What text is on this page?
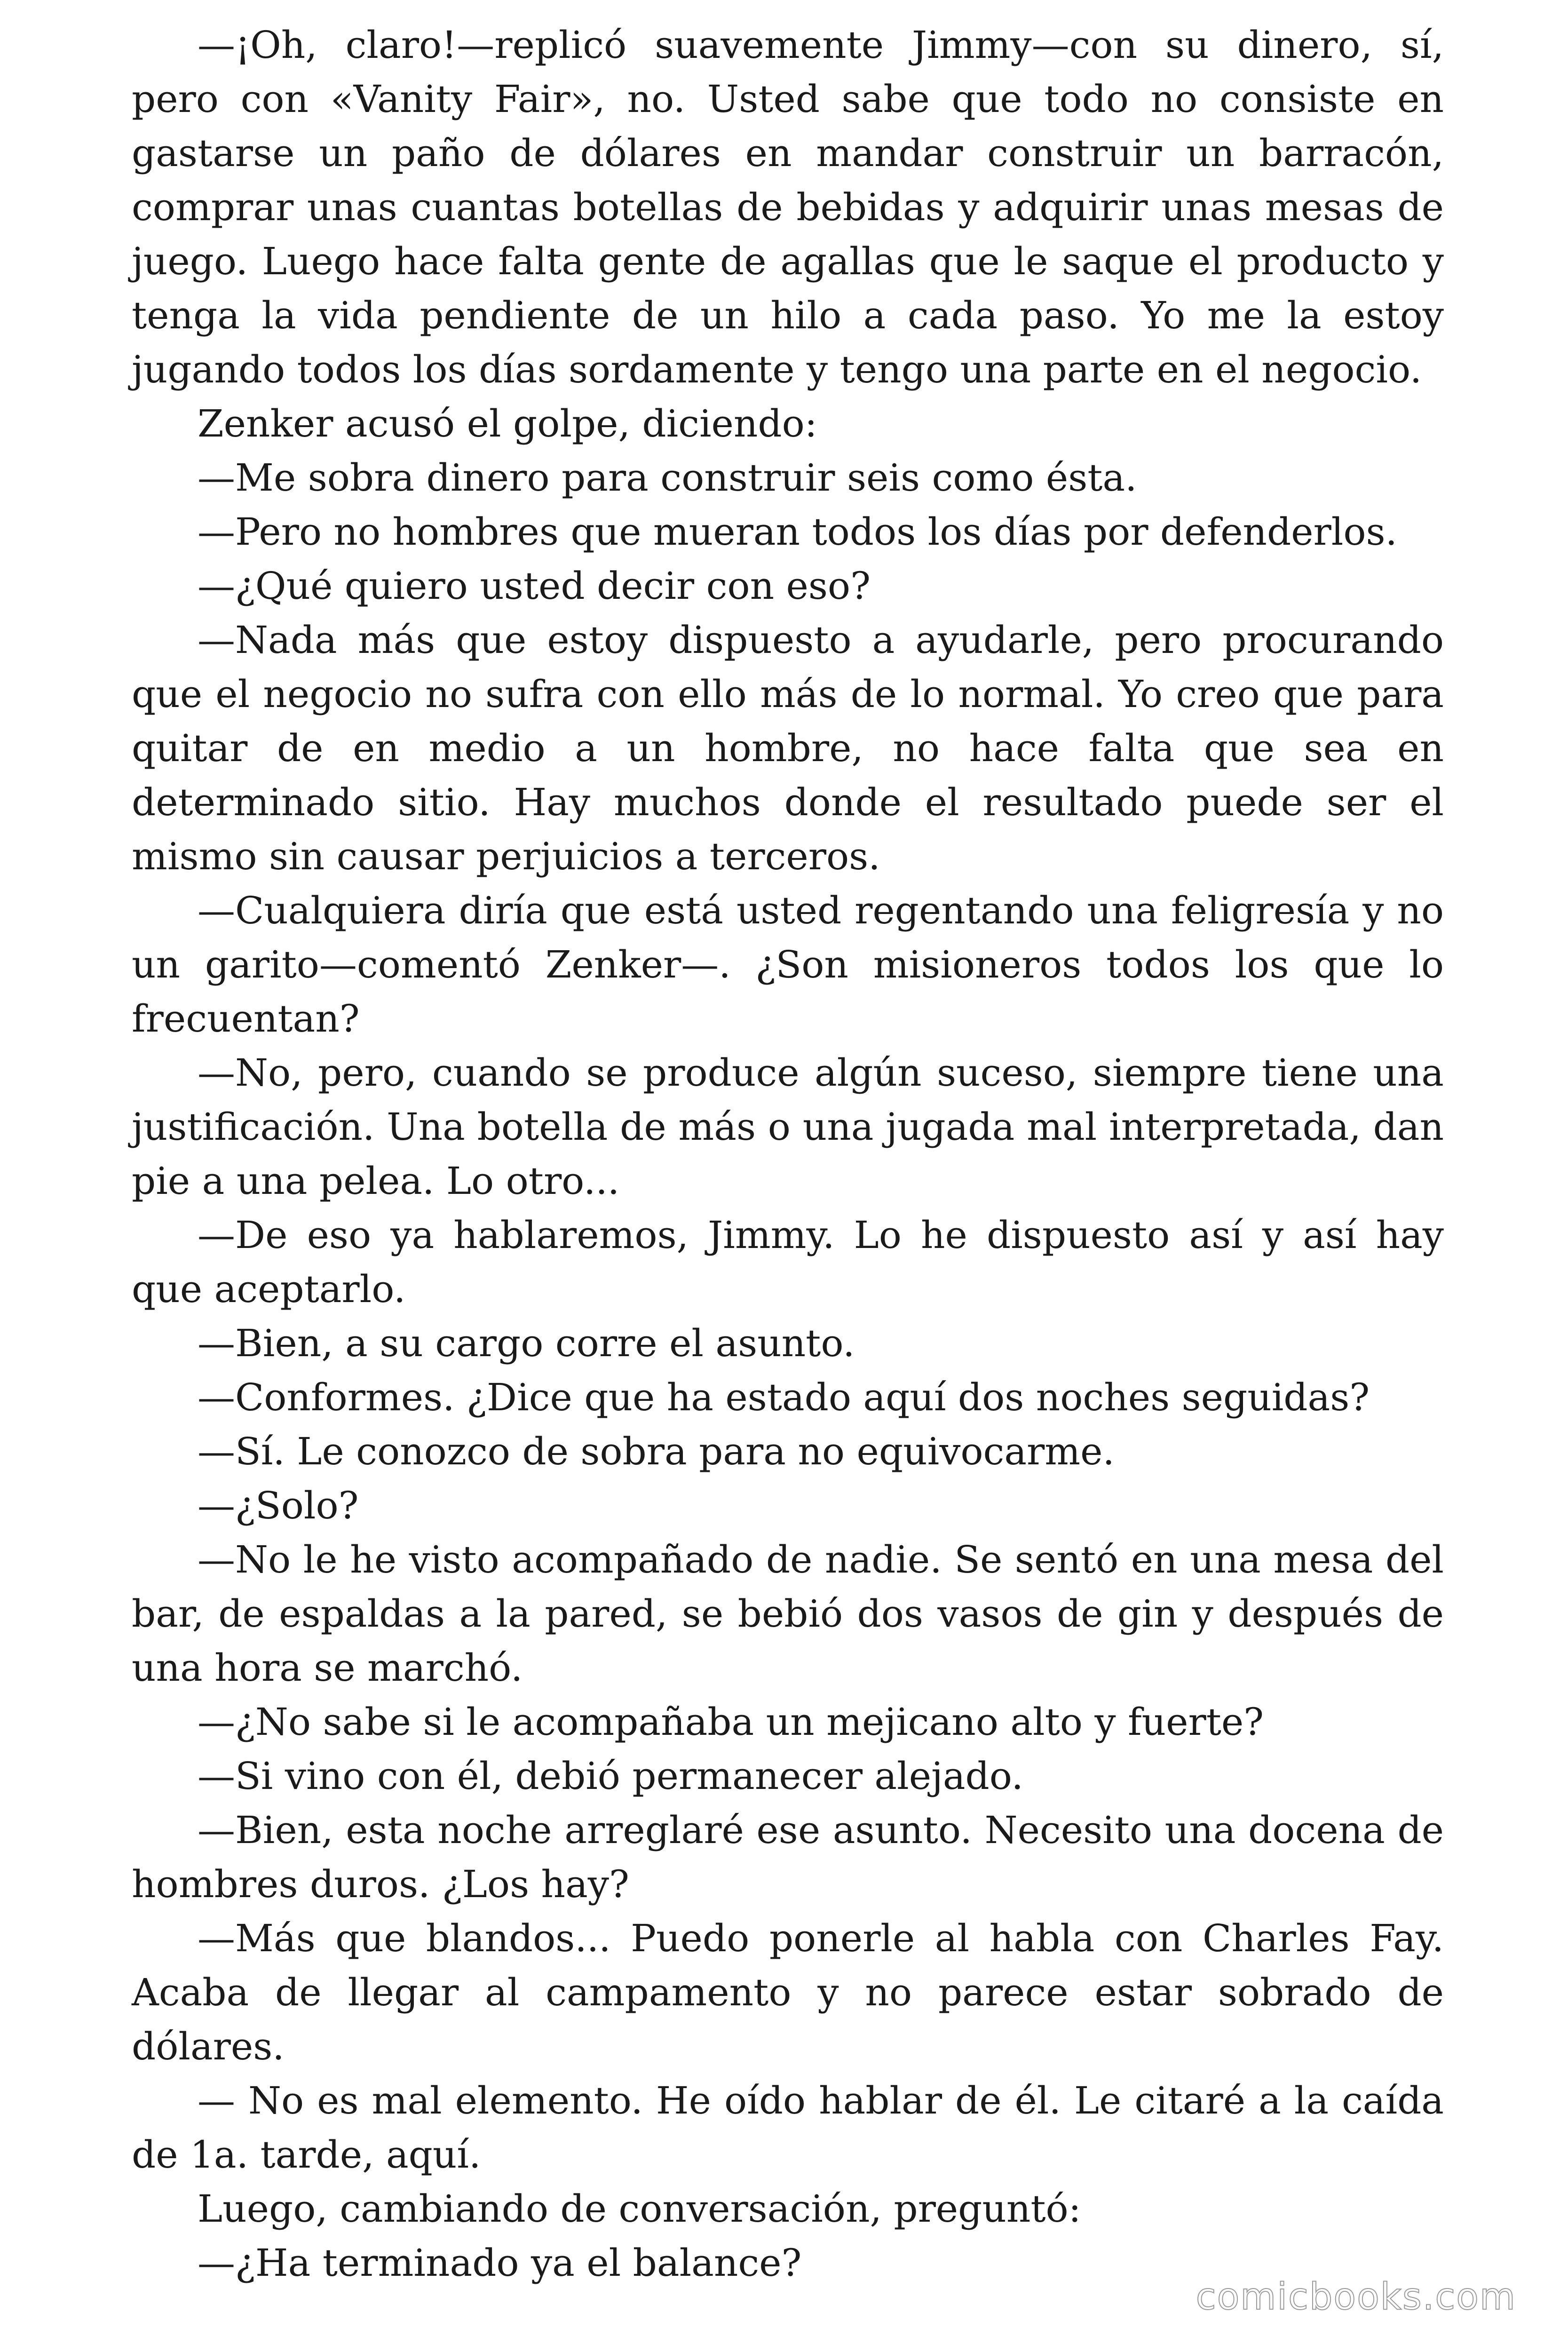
—¡Oh, claro!—replicó suavemente Jimmy—con su dinero, sí, pero con «Vanity Fair», no. Usted sabe que todo no consiste en gastarse un paño de dólares en mandar construir un barracón, comprar unas cuantas botellas de bebidas y adquirir unas mesas de juego. Luego hace falta gente de agallas que le saque el producto y tenga la vida pendiente de un hilo a cada paso. Yo me la estoy jugando todos los días sordamente y tengo una parte en el negocio.

Zenker acusó el golpe, diciendo:

—Me sobra dinero para construir seis como ésta.

—Pero no hombres que mueran todos los días por defenderlos.

—¿Qué quiero usted decir con eso?

—Nada más que estoy dispuesto a ayudarle, pero procurando que el negocio no sufra con ello más de lo normal. Yo creo que para quitar de en medio a un hombre, no hace falta que sea en determinado sitio. Hay muchos donde el resultado puede ser el mismo sin causar perjuicios a terceros.

—Cualquiera diría que está usted regentando una feligresía y no un garito—comentó Zenker—. ¿Son misioneros todos los que lo frecuentan?

—No, pero, cuando se produce algún suceso, siempre tiene una justificación. Una botella de más o una jugada mal interpretada, dan pie a una pelea. Lo otro...

—De eso ya hablaremos, Jimmy. Lo he dispuesto así y así hay que aceptarlo.

—Bien, a su cargo corre el asunto.

—Conformes. ¿Dice que ha estado aquí dos noches seguidas?

—Sí. Le conozco de sobra para no equivocarme.

—¿Solo?

—No le he visto acompañado de nadie. Se sentó en una mesa del bar, de espaldas a la pared, se bebió dos vasos de gin y después de una hora se marchó.

—¿No sabe si le acompañaba un mejicano alto y fuerte?

—Si vino con él, debió permanecer alejado.

—Bien, esta noche arreglaré ese asunto. Necesito una docena de hombres duros. ¿Los hay?

—Más que blandos... Puedo ponerle al habla con Charles Fay. Acaba de llegar al campamento y no parece estar sobrado de dólares.

— No es mal elemento. He oído hablar de él. Le citaré a la caída de 1a. tarde, aquí.

Luego, cambiando de conversación, preguntó:

—¿Ha terminado ya el balance?

comicbooks.com
